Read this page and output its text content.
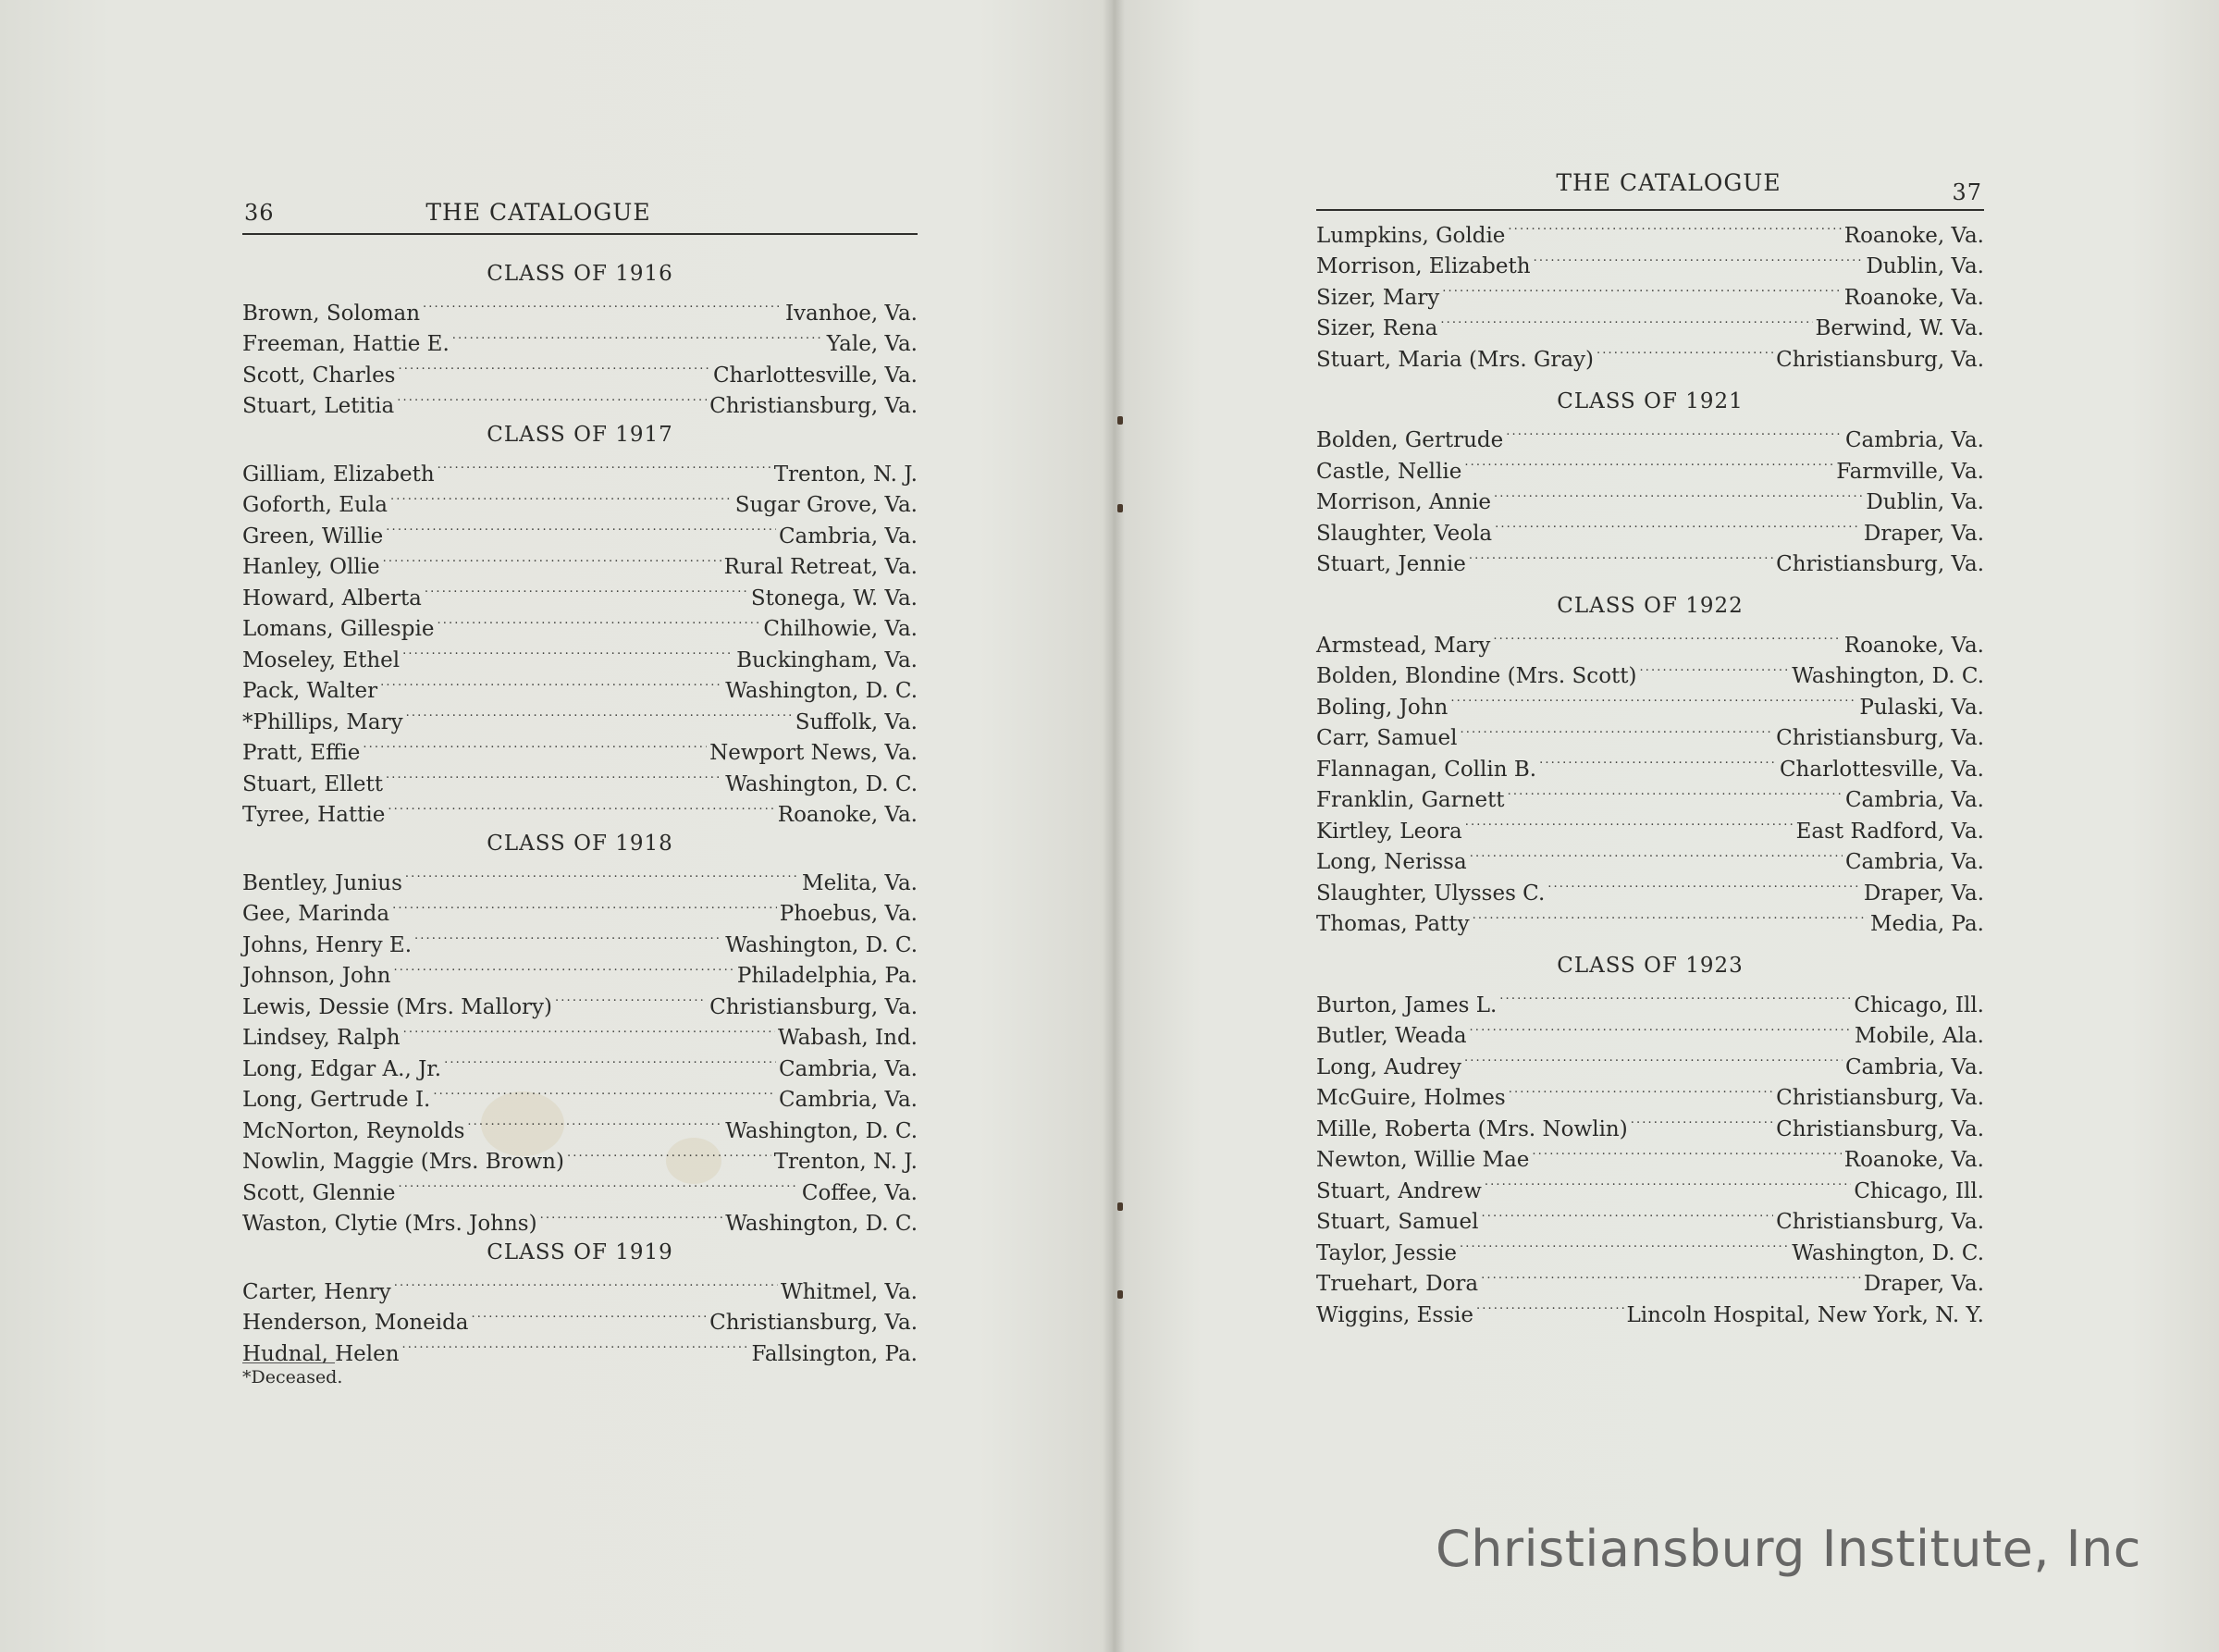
36	THE CATALOGUE
CLASS OF 1916
Brown, Soloman . . .	Ivanhoe, Va.
Freeman, Hattie E. . . .	Yale, Va.
Scott, Charles . . .	Charlottesville, Va.
Stuart, Letitia . . .	Christiansburg, Va.
CLASS OF 1917
Gilliam, Elizabeth . . .	Trenton, N. J.
Goforth, Eula . . .	Sugar Grove, Va.
Green, Willie . . .	Cambria, Va.
Hanley, Ollie . . .	Rural Retreat, Va.
Howard, Alberta . . .	Stonega, W. Va.
Lomans, Gillespie . . .	Chilhowie, Va.
Moseley, Ethel . . .	Buckingham, Va.
Pack, Walter . . .	Washington, D. C.
*Phillips, Mary . . .	Suffolk, Va.
Pratt, Effie . . .	Newport News, Va.
Stuart, Ellett . . .	Washington, D. C.
Tyree, Hattie . . .	Roanoke, Va.
CLASS OF 1918
Bentley, Junius . . .	Melita, Va.
Gee, Marinda . . .	Phoebus, Va.
Johns, Henry E. . . .	Washington, D. C.
Johnson, John . . .	Philadelphia, Pa.
Lewis, Dessie (Mrs. Mallory) . . .	Christiansburg, Va.
Lindsey, Ralph . . .	Wabash, Ind.
Long, Edgar A., Jr. . . .	Cambria, Va.
Long, Gertrude I. . . .	Cambria, Va.
McNorton, Reynolds . . .	Washington, D. C.
Nowlin, Maggie (Mrs. Brown) . . .	Trenton, N. J.
Scott, Glennie . . .	Coffee, Va.
Waston, Clytie (Mrs. Johns) . . .	Washington, D. C.
CLASS OF 1919
Carter, Henry . . .	Whitmel, Va.
Henderson, Moneida . . .	Christiansburg, Va.
Hudnal, Helen . . .	Fallsington, Pa.
*Deceased.
THE CATALOGUE	37
Lumpkins, Goldie . . .	Roanoke, Va.
Morrison, Elizabeth . . .	Dublin, Va.
Sizer, Mary . . .	Roanoke, Va.
Sizer, Rena . . .	Berwind, W. Va.
Stuart, Maria (Mrs. Gray) . . .	Christiansburg, Va.
CLASS OF 1921
Bolden, Gertrude . . .	Cambria, Va.
Castle, Nellie . . .	Farmville, Va.
Morrison, Annie . . .	Dublin, Va.
Slaughter, Veola . . .	Draper, Va.
Stuart, Jennie . . .	Christiansburg, Va.
CLASS OF 1922
Armstead, Mary . . .	Roanoke, Va.
Bolden, Blondine (Mrs. Scott) . . .	Washington, D. C.
Boling, John . . .	Pulaski, Va.
Carr, Samuel . . .	Christiansburg, Va.
Flannagan, Collin B. . . .	Charlottesville, Va.
Franklin, Garnett . . .	Cambria, Va.
Kirtley, Leora . . .	East Radford, Va.
Long, Nerissa . . .	Cambria, Va.
Slaughter, Ulysses C. . . .	Draper, Va.
Thomas, Patty . . .	Media, Pa.
CLASS OF 1923
Burton, James L. . . .	Chicago, Ill.
Butler, Weada . . .	Mobile, Ala.
Long, Audrey . . .	Cambria, Va.
McGuire, Holmes . . .	Christiansburg, Va.
Mille, Roberta (Mrs. Nowlin) . . .	Christiansburg, Va.
Newton, Willie Mae . . .	Roanoke, Va.
Stuart, Andrew . . .	Chicago, Ill.
Stuart, Samuel . . .	Christiansburg, Va.
Taylor, Jessie . . .	Washington, D. C.
Truehart, Dora . . .	Draper, Va.
Wiggins, Essie . . .	Lincoln Hospital, New York, N. Y.
Christiansburg Institute, Inc
